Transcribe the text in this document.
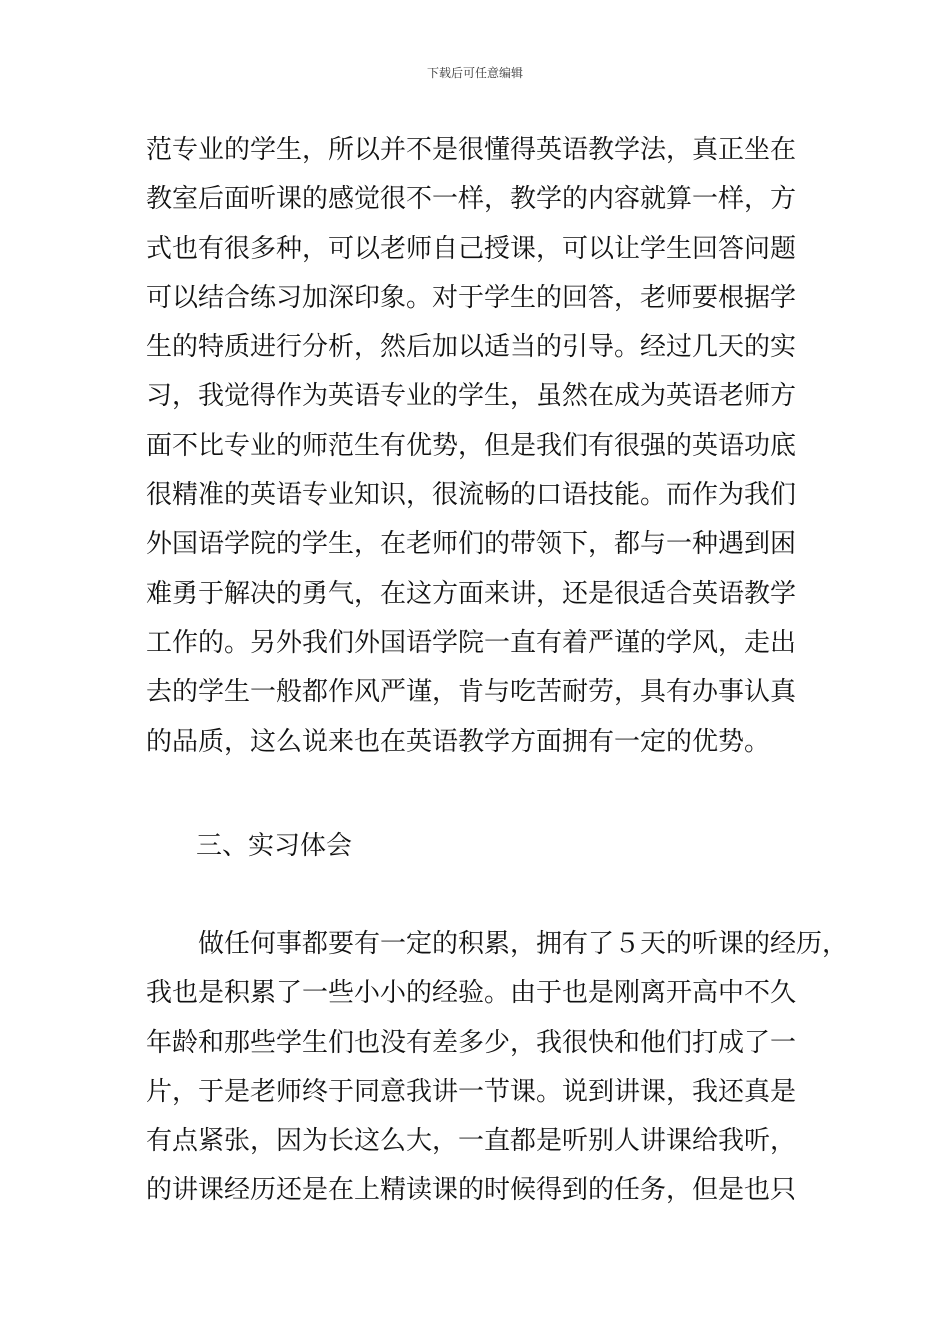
下载后可任意编辑
范专业的学生，所以并不是很懂得英语教学法，真正坐在
教室后面听课的感觉很不一样，教学的内容就算一样，方
式也有很多种，可以老师自己授课，可以让学生回答问题
可以结合练习加深印象。对于学生的回答，老师要根据学
生的特质进行分析，然后加以适当的引导。经过几天的实
习，我觉得作为英语专业的学生，虽然在成为英语老师方
面不比专业的师范生有优势，但是我们有很强的英语功底
很精准的英语专业知识，很流畅的口语技能。而作为我们
外国语学院的学生，在老师们的带领下，都与一种遇到困
难勇于解决的勇气，在这方面来讲，还是很适合英语教学
工作的。另外我们外国语学院一直有着严谨的学风，走出
去的学生一般都作风严谨，肯与吃苦耐劳，具有办事认真
的品质，这么说来也在英语教学方面拥有一定的优势。
三、实习体会
　　做任何事都要有一定的积累，拥有了５天的听课的经历，
我也是积累了一些小小的经验。由于也是刚离开高中不久
年龄和那些学生们也没有差多少，我很快和他们打成了一
片，于是老师终于同意我讲一节课。说到讲课，我还真是
有点紧张，因为长这么大，一直都是听别人讲课给我听，
的讲课经历还是在上精读课的时候得到的任务，但是也只
